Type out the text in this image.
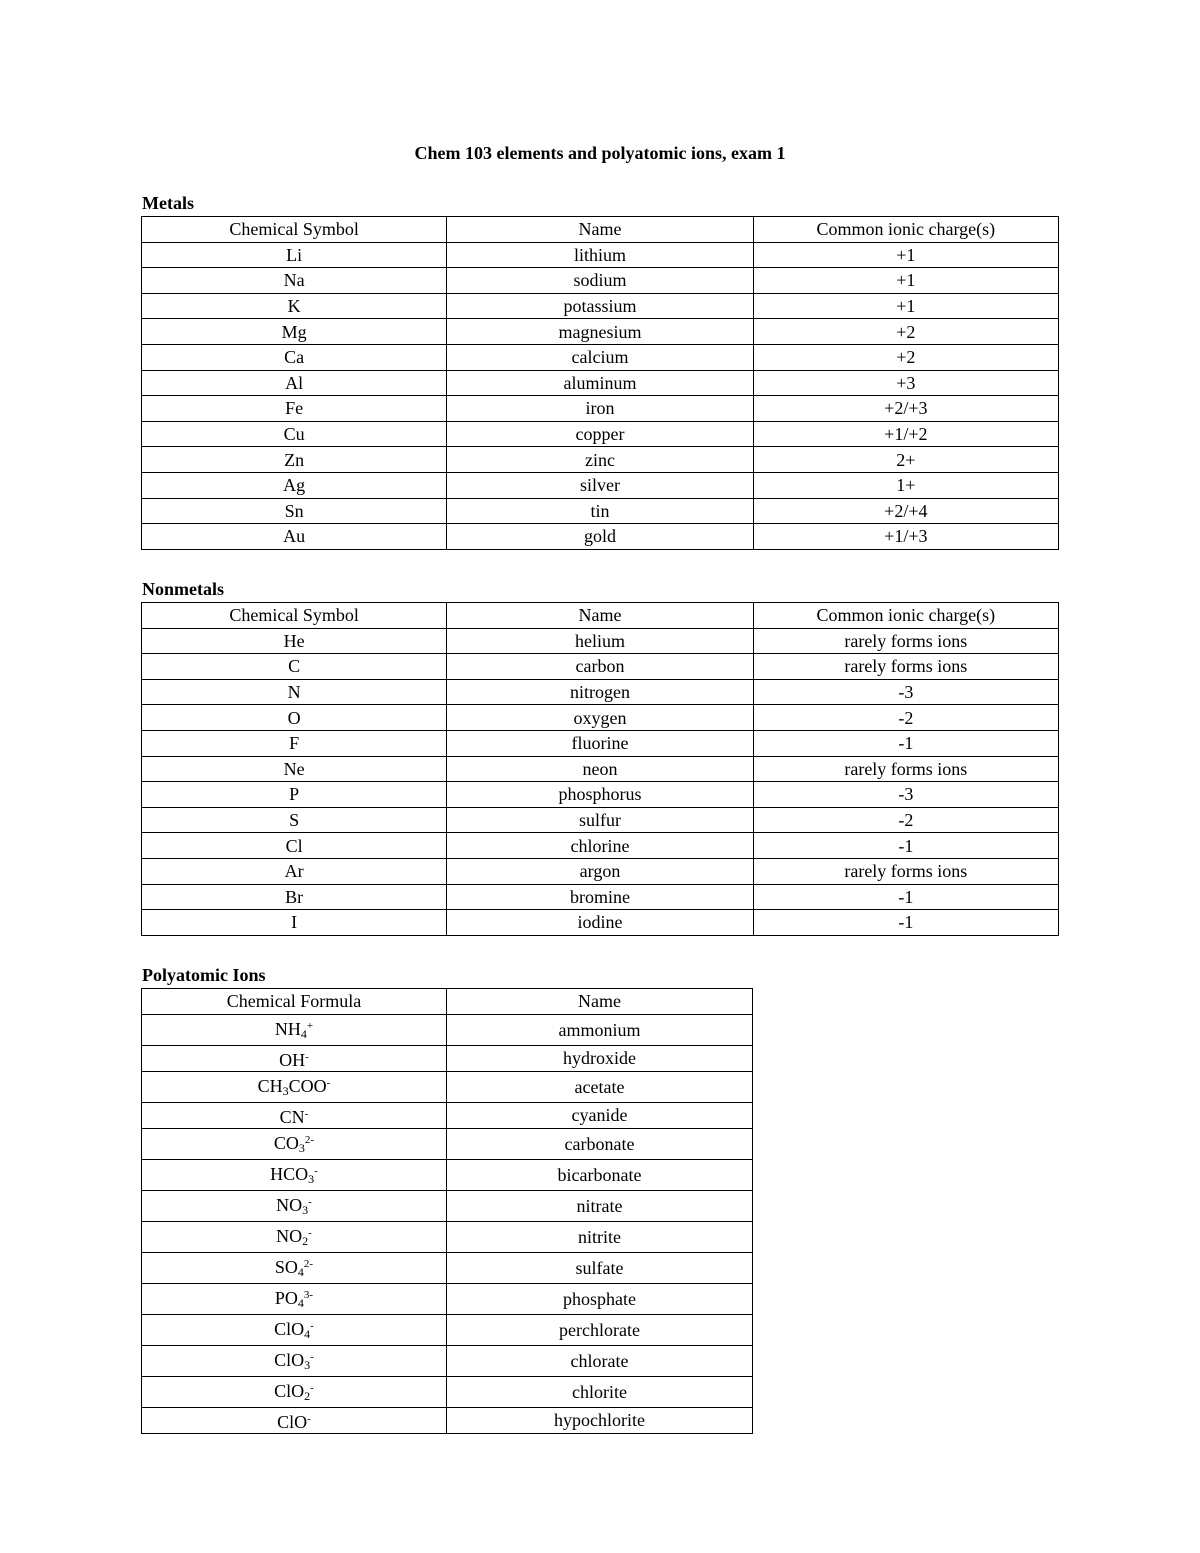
Chem 103 elements and polyatomic ions, exam 1
Metals
Chemical Symbol	Name	Common ionic charge(s)
Li	lithium	+1
Na	sodium	+1
K	potassium	+1
Mg	magnesium	+2
Ca	calcium	+2
Al	aluminum	+3
Fe	iron	+2/+3
Cu	copper	+1/+2
Zn	zinc	2+
Ag	silver	1+
Sn	tin	+2/+4
Au	gold	+1/+3
Nonmetals
Chemical Symbol	Name	Common ionic charge(s)
He	helium	rarely forms ions
C	carbon	rarely forms ions
N	nitrogen	-3
O	oxygen	-2
F	fluorine	-1
Ne	neon	rarely forms ions
P	phosphorus	-3
S	sulfur	-2
Cl	chlorine	-1
Ar	argon	rarely forms ions
Br	bromine	-1
I	iodine	-1
Polyatomic Ions
Chemical Formula	Name
$NH_4^+$	ammonium
OH-	hydroxide
$CH_3COO^-$	acetate
CN-	cyanide
$CO_3^{2-}$	carbonate
$HCO_3^-$	bicarbonate
$NO_3^-$	nitrate
$NO_2^-$	nitrite
$SO_4^{2-}$	sulfate
$PO_4^{3-}$	phosphate
ClO$_4$-	perchlorate
ClO$_3$-	chlorate
ClO$_2$-	chlorite
ClO-	hypochlorite
